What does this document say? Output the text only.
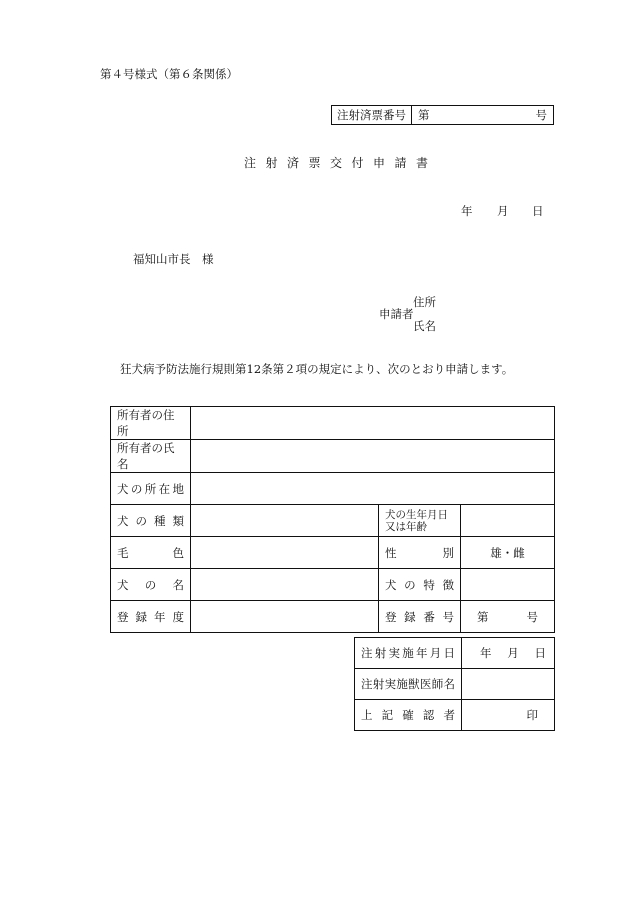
第４号様式（第６条関係）
注射済票番号	第	号
注射済票交付申請書
年 月 日
福知山市長　様
申請者
住所
氏名
狂犬病予防法施行規則第12条第２項の規定により、次のとおり申請します。
所有者の住所			
所有者の氏名			
犬の所在地			
犬の種類		犬の生年月日又は年齢	
毛色		性別	雄・雌
犬の名		犬の特徴	
登録年度		登録番号	第 号
注射実施年月日	年 月 日

注射実施獣医師名	
上記確認者	印
